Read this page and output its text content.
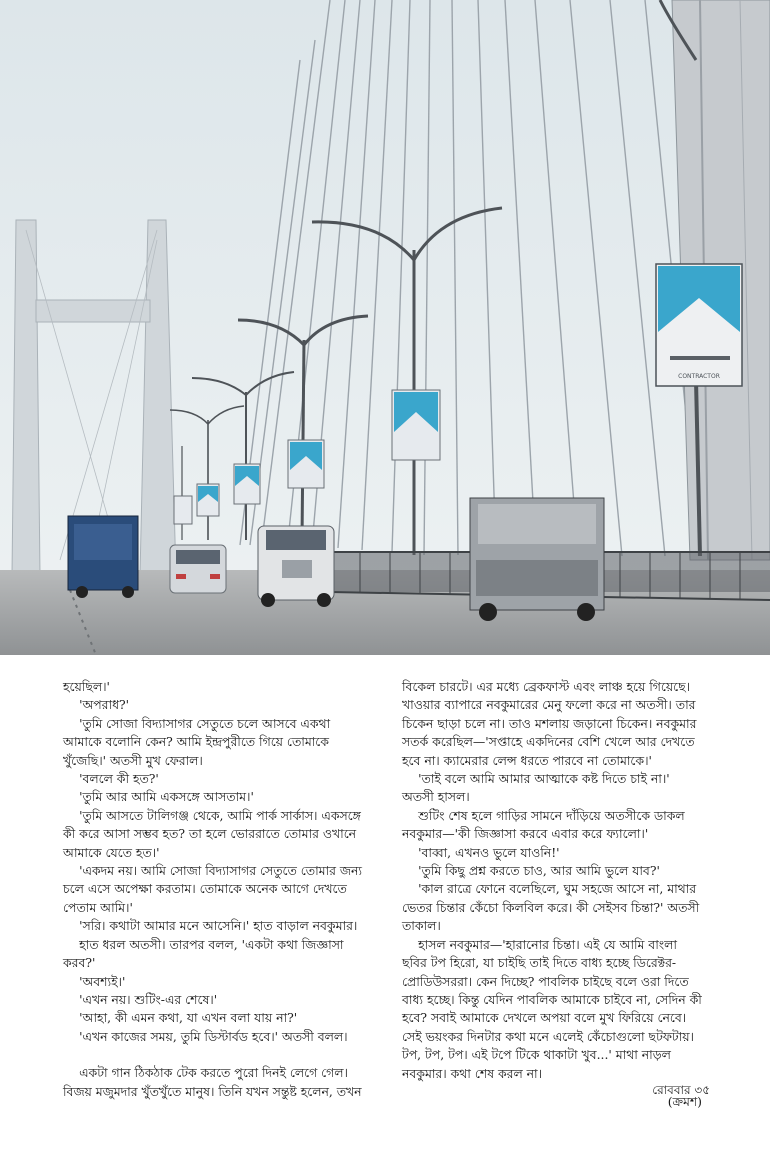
CONTRACTOR

হয়েছিল।'

'অপরাধ?'

'তুমি সোজা বিদ্যাসাগর সেতুতে চলে আসবে একথা আমাকে বলোনি কেন? আমি ইন্দ্রপুরীতে গিয়ে তোমাকে খুঁজেছি।' অতসী মুখ ফেরাল।

'বললে কী হত?'

'তুমি আর আমি একসঙ্গে আসতাম।'

'তুমি আসতে টালিগঞ্জ থেকে, আমি পার্ক সার্কাস। একসঙ্গে কী করে আসা সম্ভব হত? তা হলে ভোররাতে তোমার ওখানে আমাকে যেতে হত।'

'একদম নয়। আমি সোজা বিদ্যাসাগর সেতুতে তোমার জন্য চলে এসে অপেক্ষা করতাম। তোমাকে অনেক আগে দেখতে পেতাম আমি।'

'সরি। কথাটা আমার মনে আসেনি।' হাত বাড়াল নবকুমার।

হাত ধরল অতসী। তারপর বলল, 'একটা কথা জিজ্ঞাসা করব?'

'অবশ্যই।'

'এখন নয়। শুটিং-এর শেষে।'

'আহা, কী এমন কথা, যা এখন বলা যায় না?'

'এখন কাজের সময়, তুমি ডিস্টার্বড হবে।' অতসী বলল।

একটা গান ঠিকঠাক টেক করতে পুরো দিনই লেগে গেল। বিজয় মজুমদার খুঁতখুঁতে মানুষ। তিনি যখন সন্তুষ্ট হলেন, তখন

বিকেল চারটে। এর মধ্যে ব্রেকফাস্ট এবং লাঞ্চ হয়ে গিয়েছে। খাওয়ার ব্যাপারে নবকুমারের মেনু ফলো করে না অতসী। তার চিকেন ছাড়া চলে না। তাও মশলায় জড়ানো চিকেন। নবকুমার সতর্ক করেছিল—'সপ্তাহে একদিনের বেশি খেলে আর দেখতে হবে না। ক্যামেরার লেন্স ধরতে পারবে না তোমাকে।'

'তাই বলে আমি আমার আত্মাকে কষ্ট দিতে চাই না।' অতসী হাসল।

শুটিং শেষ হলে গাড়ির সামনে দাঁড়িয়ে অতসীকে ডাকল নবকুমার—'কী জিজ্ঞাসা করবে এবার করে ফ্যালো।'

'বাব্বা, এখনও ভুলে যাওনি!'

'তুমি কিছু প্রশ্ন করতে চাও, আর আমি ভুলে যাব?'

'কাল রাত্রে ফোনে বলেছিলে, ঘুম সহজে আসে না, মাথার ভেতর চিন্তার কেঁচো কিলবিল করে। কী সেইসব চিন্তা?' অতসী তাকাল।

হাসল নবকুমার—'হারানোর চিন্তা। এই যে আমি বাংলা ছবির টপ হিরো, যা চাইছি তাই দিতে বাধ্য হচ্ছে ডিরেক্টর-প্রোডিউসররা। কেন দিচ্ছে? পাবলিক চাইছে বলে ওরা দিতে বাধ্য হচ্ছে। কিন্তু যেদিন পাবলিক আমাকে চাইবে না, সেদিন কী হবে? সবাই আমাকে দেখলে অপয়া বলে মুখ ফিরিয়ে নেবে। সেই ভয়ংকর দিনটার কথা মনে এলেই কেঁচোগুলো ছটফটায়। টপ, টপ, টপ। এই টপে টিকে থাকাটা খুব...' মাথা নাড়ল নবকুমার। কথা শেষ করল না।

(ক্রমশ)
রোববার ৩৫
